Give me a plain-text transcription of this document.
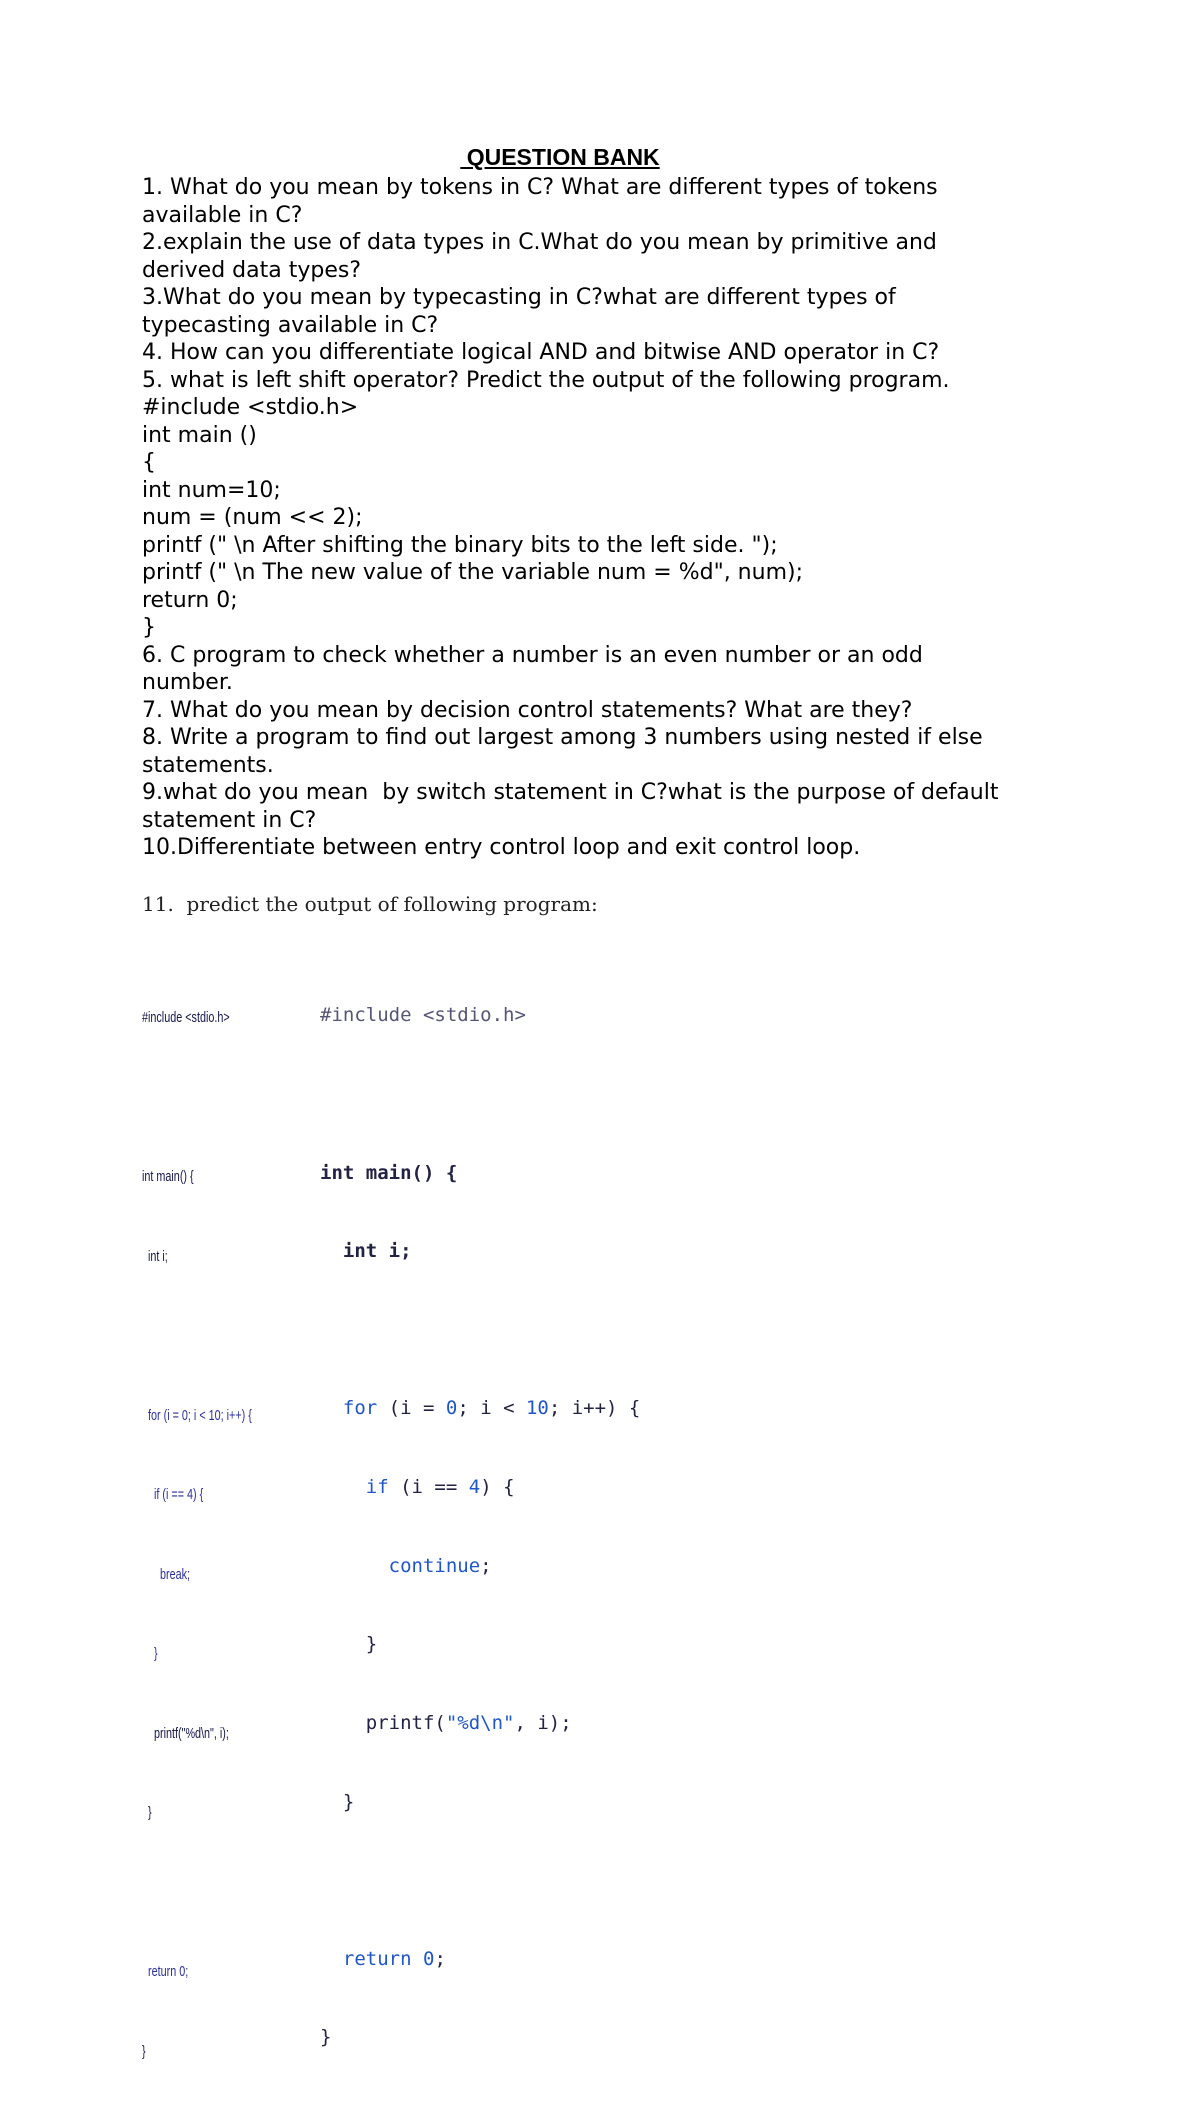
QUESTION BANK
1. What do you mean by tokens in C? What are different types of tokens
available in C?
2.explain the use of data types in C.What do you mean by primitive and
derived data types?
3.What do you mean by typecasting in C?what are different types of
typecasting available in C?
4. How can you differentiate logical AND and bitwise AND operator in C?
5. what is left shift operator? Predict the output of the following program.
#include <stdio.h>
int main ()
{
int num=10;
num = (num << 2);
printf (" \n After shifting the binary bits to the left side. ");
printf (" \n The new value of the variable num = %d", num);
return 0;
}
6. C program to check whether a number is an even number or an odd
number.
7. What do you mean by decision control statements? What are they?
8. Write a program to find out largest among 3 numbers using nested if else
statements.
9.what do you mean  by switch statement in C?what is the purpose of default
statement in C?
10.Differentiate between entry control loop and exit control loop.
11.  predict the output of following program:

#include <stdio.h>

int main() {

int i;

for (i = 0; i < 10; i++) {

if (i == 4) {

break;

}

printf("%d\n", i);

}

return 0;

}

#include <stdio.h>

int main() {

int i;

for (i = 0; i < 10; i++) {

if (i == 4) {

continue;

}

printf("%d\n", i);

}

return 0;

}
